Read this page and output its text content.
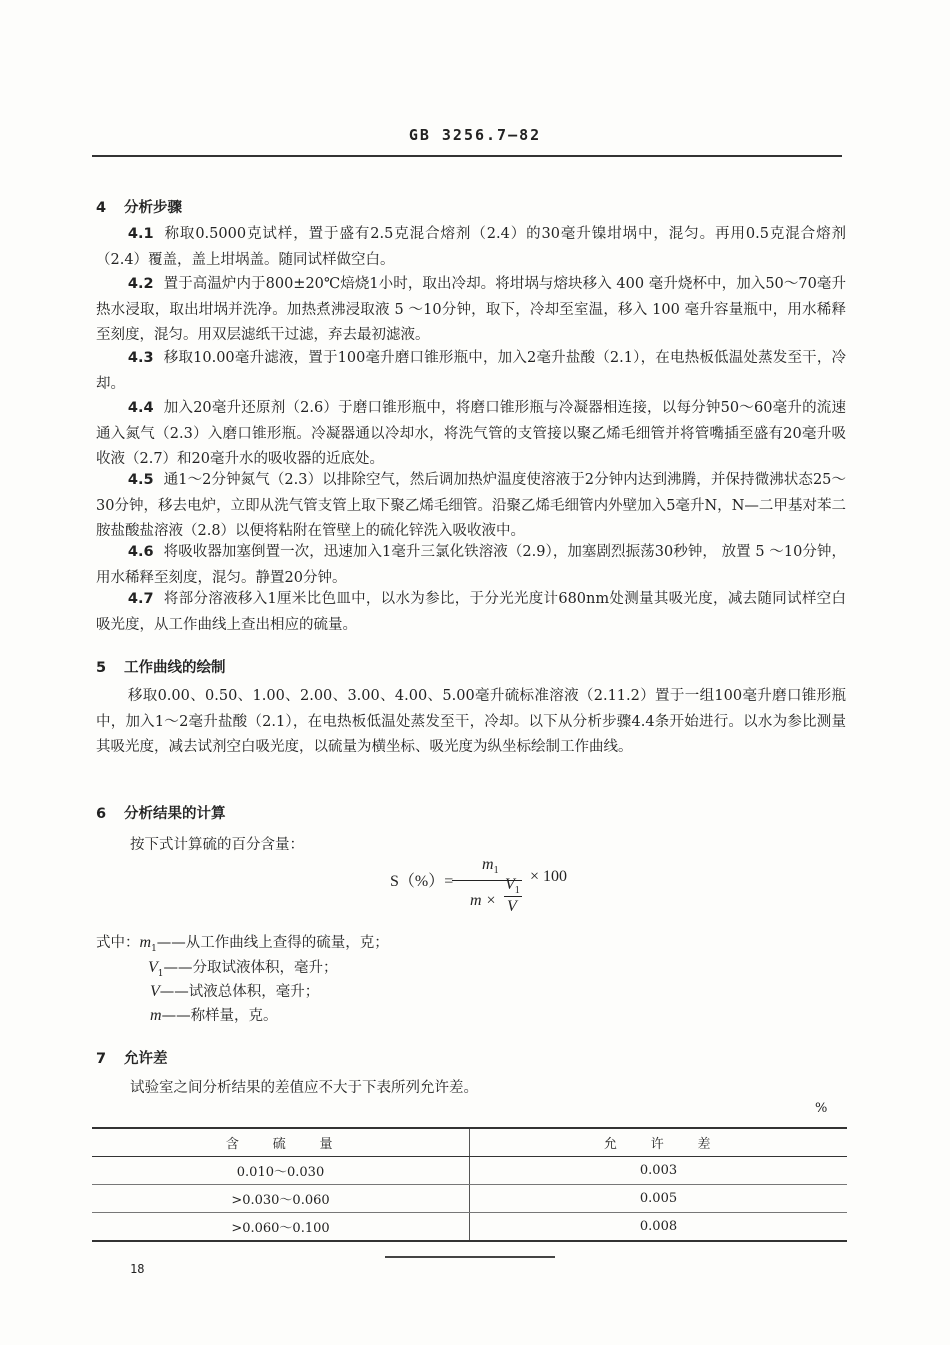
GB 3256.7—82
4 分析步骤
4.1 称取0.5000克试样，置于盛有2.5克混合熔剂（2.4）的30毫升镍坩埚中，混匀。再用0.5克混合熔剂（2.4）覆盖，盖上坩埚盖。随同试样做空白。
4.2 置于高温炉内于800±20℃焙烧1小时，取出冷却。将坩埚与熔块移入 400 毫升烧杯中，加入50～70毫升热水浸取，取出坩埚并洗净。加热煮沸浸取液 5 ～10分钟，取下，冷却至室温，移入 100 毫升容量瓶中，用水稀释至刻度，混匀。用双层滤纸干过滤，弃去最初滤液。
4.3 移取10.00毫升滤液，置于100毫升磨口锥形瓶中，加入2毫升盐酸（2.1），在电热板低温处蒸发至干，冷却。
4.4 加入20毫升还原剂（2.6）于磨口锥形瓶中，将磨口锥形瓶与冷凝器相连接，以每分钟50～60毫升的流速通入氮气（2.3）入磨口锥形瓶。冷凝器通以冷却水，将洗气管的支管接以聚乙烯毛细管并将管嘴插至盛有20毫升吸收液（2.7）和20毫升水的吸收器的近底处。
4.5 通1～2分钟氮气（2.3）以排除空气，然后调加热炉温度使溶液于2分钟内达到沸腾，并保持微沸状态25～30分钟，移去电炉，立即从洗气管支管上取下聚乙烯毛细管。沿聚乙烯毛细管内外壁加入5毫升N，N—二甲基对苯二胺盐酸盐溶液（2.8）以便将粘附在管壁上的硫化锌洗入吸收液中。
4.6 将吸收器加塞倒置一次，迅速加入1毫升三氯化铁溶液（2.9），加塞剧烈振荡30秒钟， 放置 5 ～10分钟，用水稀释至刻度，混匀。静置20分钟。
4.7 将部分溶液移入1厘米比色皿中，以水为参比，于分光光度计680nm处测量其吸光度，减去随同试样空白吸光度，从工作曲线上查出相应的硫量。
5 工作曲线的绘制
移取0.00、0.50、1.00、2.00、3.00、4.00、5.00毫升硫标准溶液（2.11.2）置于一组100毫升磨口锥形瓶中，加入1～2毫升盐酸（2.1），在电热板低温处蒸发至干，冷却。以下从分析步骤4.4条开始进行。以水为参比测量其吸光度，减去试剂空白吸光度，以硫量为横坐标、吸光度为纵坐标绘制工作曲线。
6 分析结果的计算
按下式计算硫的百分含量：
S（%）=
$m_1$
m ×
$V_1$
V
× 100
式中：$m_1——$从工作曲线上查得的硫量，克；
$V_1——$分取试液体积，毫升；
V——试液总体积，毫升；
m——称样量，克。
7 允许差
试验室之间分析结果的差值应不大于下表所列允许差。
%
含　　硫　　量	允　　许　　差
0.010～0.030	0.003
>0.030～0.060	0.005
>0.060～0.100	0.008
18
